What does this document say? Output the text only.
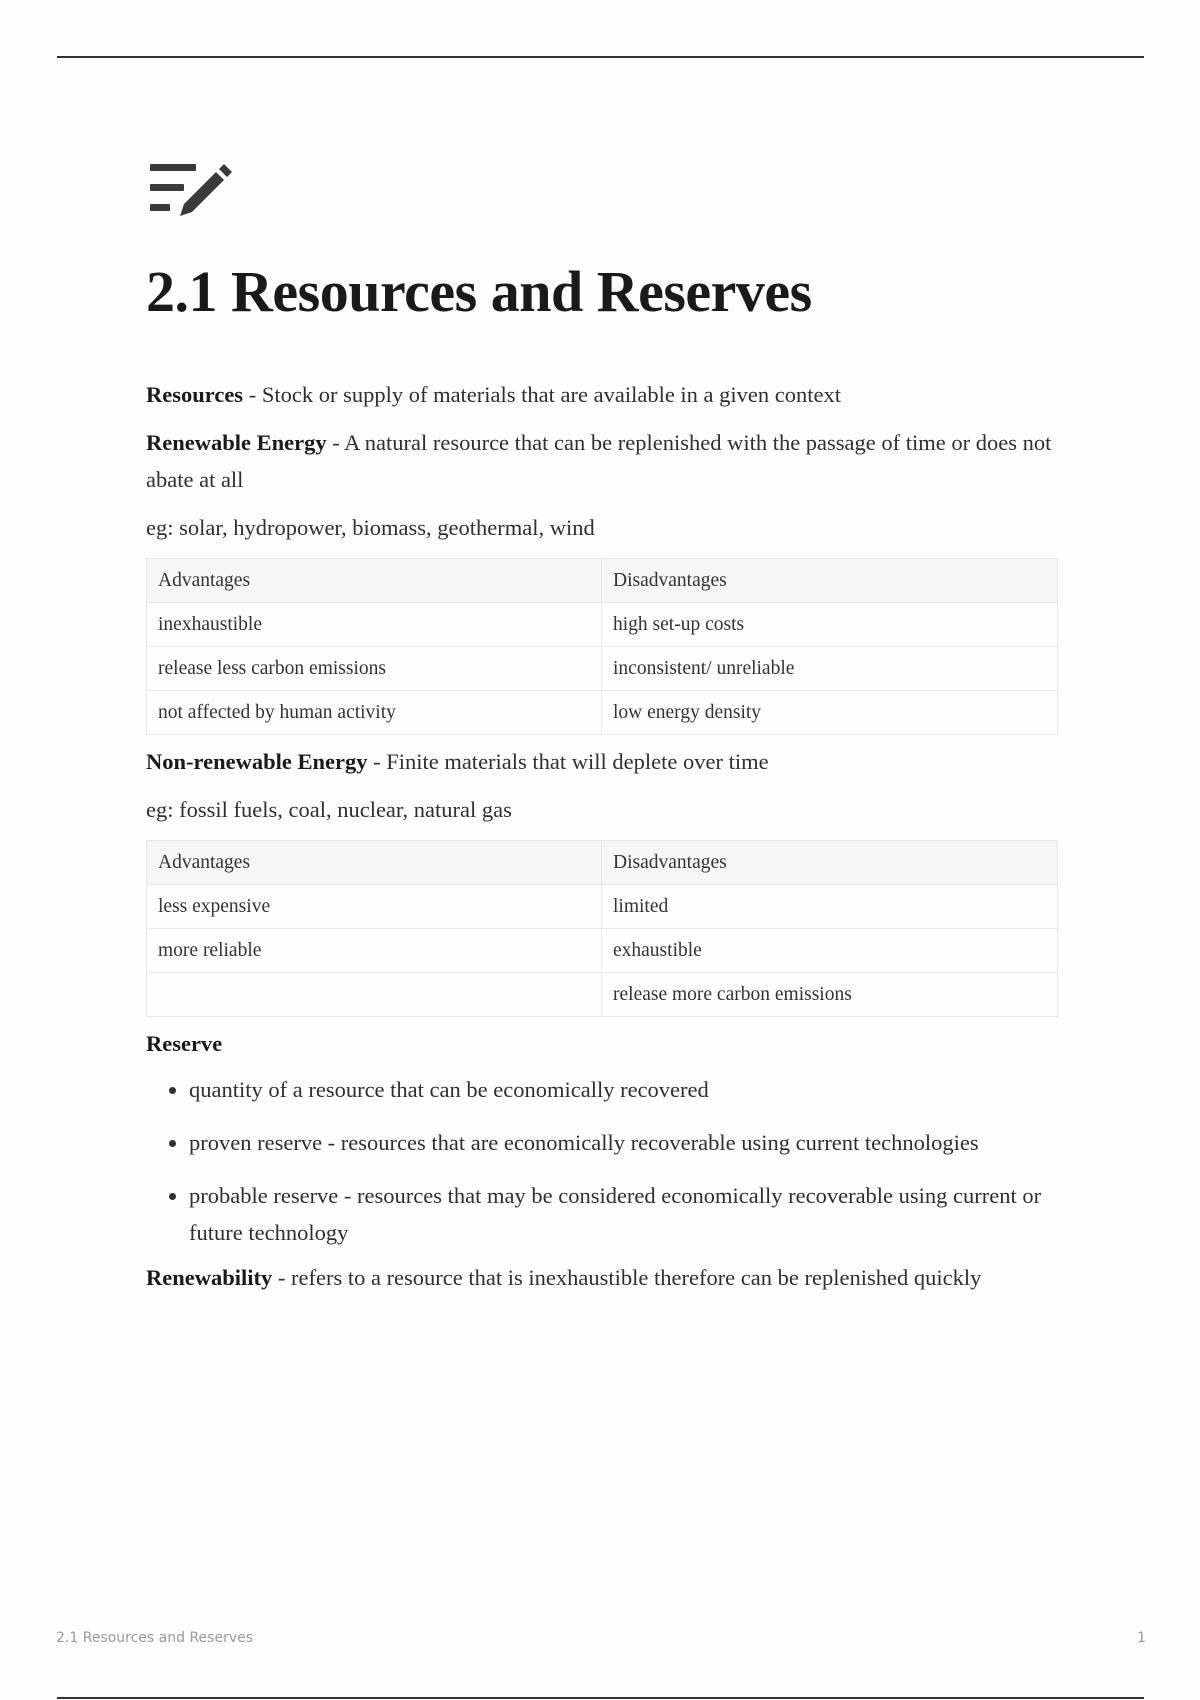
2.1 Resources and Reserves

Resources - Stock or supply of materials that are available in a given context

Renewable Energy - A natural resource that can be replenished with the passage of time or does not abate at all

eg: solar, hydropower, biomass, geothermal, wind

Advantages	Disadvantages
inexhaustible	high set-up costs
release less carbon emissions	inconsistent/ unreliable
not affected by human activity	low energy density

Non-renewable Energy - Finite materials that will deplete over time

eg: fossil fuels, coal, nuclear, natural gas

Advantages	Disadvantages
less expensive	limited
more reliable	exhaustible
	release more carbon emissions

Reserve

• quantity of a resource that can be economically recovered
• proven reserve - resources that are economically recoverable using current technologies
• probable reserve - resources that may be considered economically recoverable using current or future technology

Renewability - refers to a resource that is inexhaustible therefore can be replenished quickly

2.1 Resources and Reserves	1
